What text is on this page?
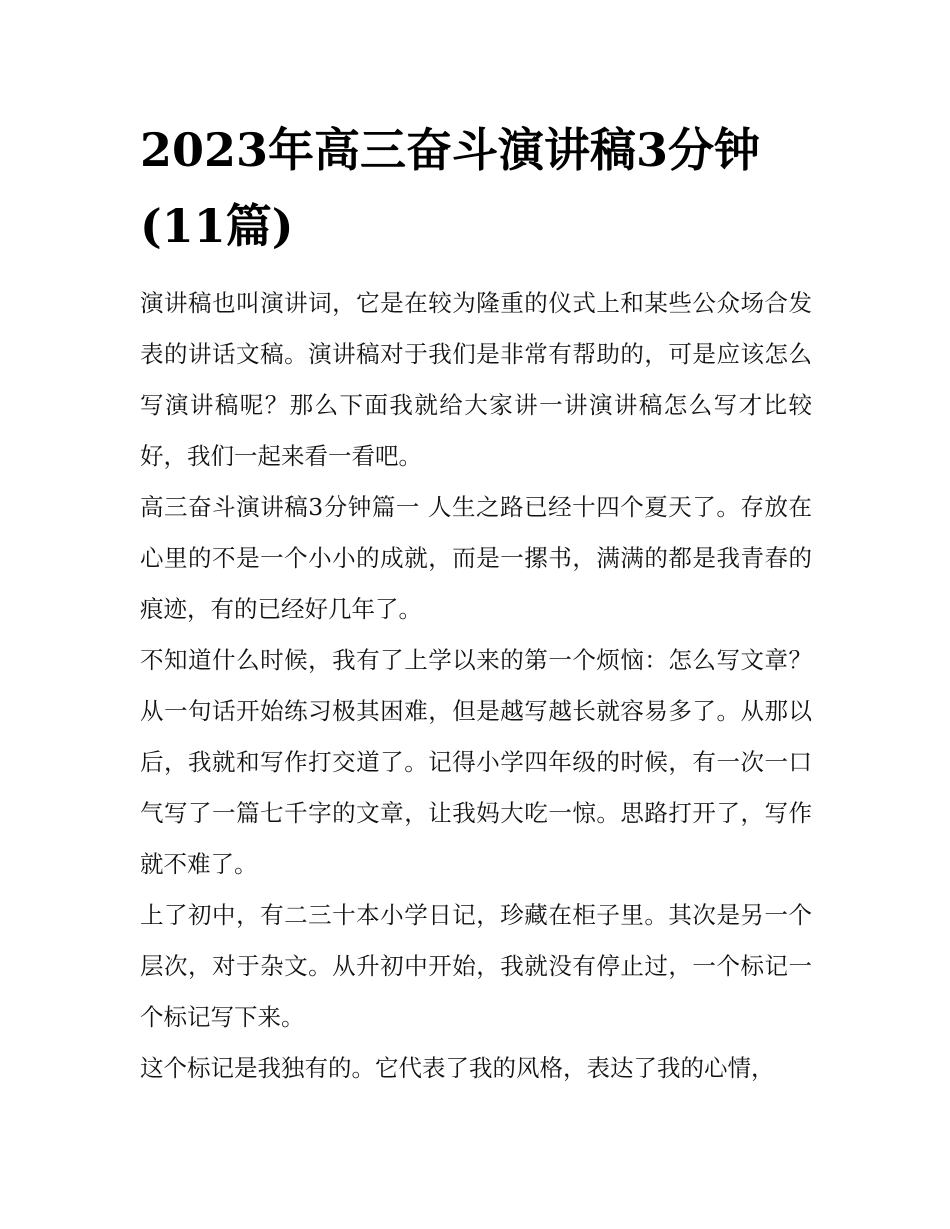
2023年高三奋斗演讲稿3分钟(11篇)

演讲稿也叫演讲词，它是在较为隆重的仪式上和某些公众场合发表的讲话文稿。演讲稿对于我们是非常有帮助的，可是应该怎么写演讲稿呢？那么下面我就给大家讲一讲演讲稿怎么写才比较好，我们一起来看一看吧。

高三奋斗演讲稿3分钟篇一 人生之路已经十四个夏天了。存放在心里的不是一个小小的成就，而是一摞书，满满的都是我青春的痕迹，有的已经好几年了。

不知道什么时候，我有了上学以来的第一个烦恼：怎么写文章？从一句话开始练习极其困难，但是越写越长就容易多了。从那以后，我就和写作打交道了。记得小学四年级的时候，有一次一口气写了一篇七千字的文章，让我妈大吃一惊。思路打开了，写作就不难了。

上了初中，有二三十本小学日记，珍藏在柜子里。其次是另一个层次，对于杂文。从升初中开始，我就没有停止过，一个标记一个标记写下来。

这个标记是我独有的。它代表了我的风格，表达了我的心情，
